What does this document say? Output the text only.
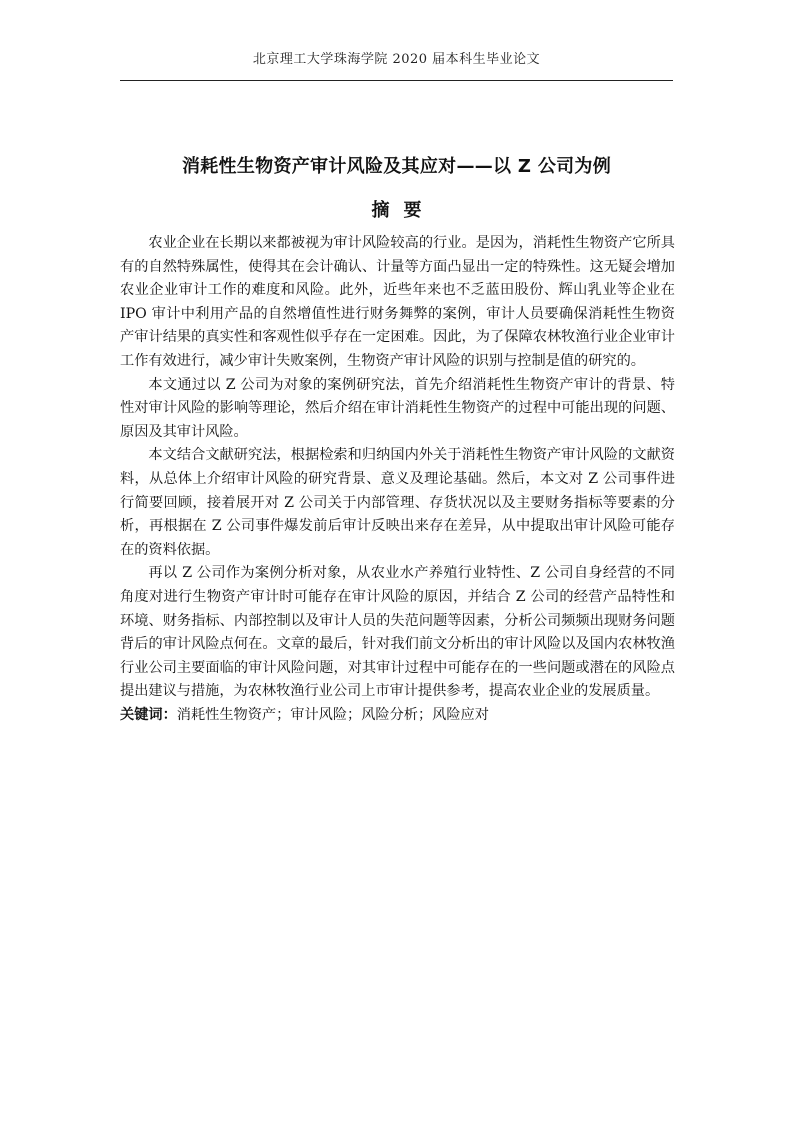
北京理工大学珠海学院 2020 届本科生毕业论文
消耗性生物资产审计风险及其应对——以 Z 公司为例
摘要

农业企业在长期以来都被视为审计风险较高的行业。是因为，消耗性生物资产它所具有的自然特殊属性，使得其在会计确认、计量等方面凸显出一定的特殊性。这无疑会增加农业企业审计工作的难度和风险。此外，近些年来也不乏蓝田股份、辉山乳业等企业在 IPO 审计中利用产品的自然增值性进行财务舞弊的案例，审计人员要确保消耗性生物资产审计结果的真实性和客观性似乎存在一定困难。因此，为了保障农林牧渔行业企业审计工作有效进行，减少审计失败案例，生物资产审计风险的识别与控制是值的研究的。

本文通过以 Z 公司为对象的案例研究法，首先介绍消耗性生物资产审计的背景、特性对审计风险的影响等理论，然后介绍在审计消耗性生物资产的过程中可能出现的问题、原因及其审计风险。

本文结合文献研究法，根据检索和归纳国内外关于消耗性生物资产审计风险的文献资料，从总体上介绍审计风险的研究背景、意义及理论基础。然后，本文对 Z 公司事件进行简要回顾，接着展开对 Z 公司关于内部管理、存货状况以及主要财务指标等要素的分析，再根据在 Z 公司事件爆发前后审计反映出来存在差异，从中提取出审计风险可能存在的资料依据。

再以 Z 公司作为案例分析对象，从农业水产养殖行业特性、Z 公司自身经营的不同角度对进行生物资产审计时可能存在审计风险的原因，并结合 Z 公司的经营产品特性和环境、财务指标、内部控制以及审计人员的失范问题等因素，分析公司频频出现财务问题背后的审计风险点何在。文章的最后，针对我们前文分析出的审计风险以及国内农林牧渔行业公司主要面临的审计风险问题，对其审计过程中可能存在的一些问题或潜在的风险点提出建议与措施，为农林牧渔行业公司上市审计提供参考，提高农业企业的发展质量。

关键词：消耗性生物资产；审计风险；风险分析；风险应对
